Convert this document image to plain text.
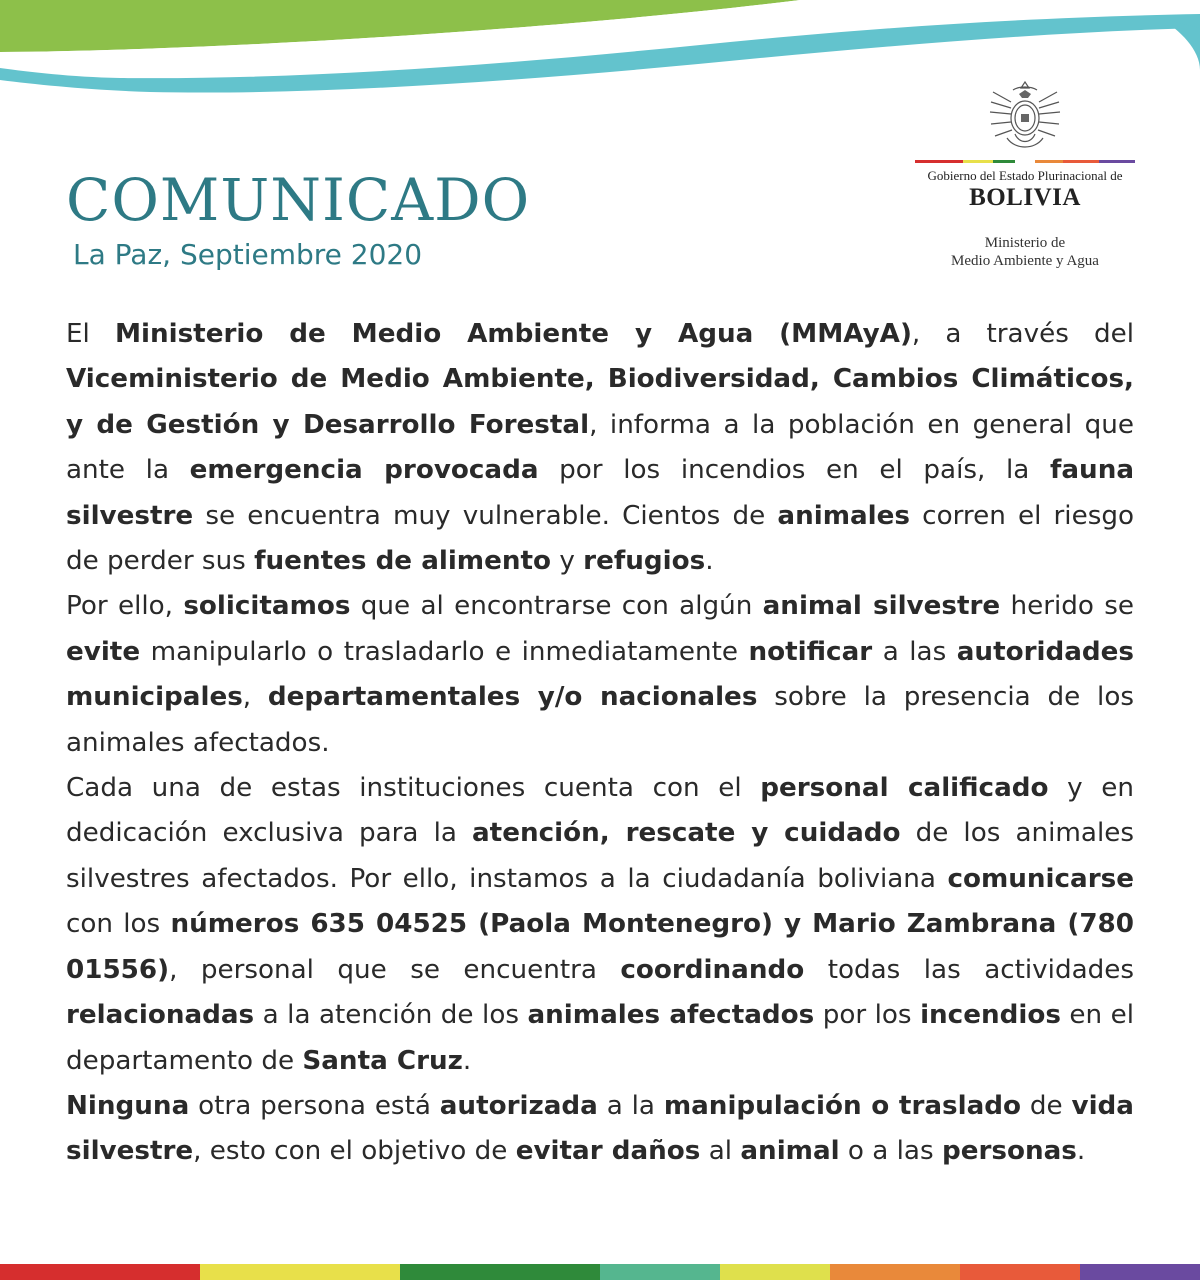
COMUNICADO
La Paz, Septiembre 2020
Gobierno del Estado Plurinacional de
BOLIVIA
Ministerio de
Medio Ambiente y Agua

El Ministerio de Medio Ambiente y Agua (MMAyA), a través del Viceministerio de Medio Ambiente, Biodiversidad, Cambios Climáticos, y de Gestión y Desarrollo Forestal, informa a la población en general que ante la emergencia provocada por los incendios en el país, la fauna silvestre se encuentra muy vulnerable. Cientos de animales corren el riesgo de perder sus fuentes de alimento y refugios.

Por ello, solicitamos que al encontrarse con algún animal silvestre herido se evite manipularlo o trasladarlo e inmediatamente notificar a las autoridades municipales, departamentales y/o nacionales sobre la presencia de los animales afectados.

Cada una de estas instituciones cuenta con el personal calificado y en dedicación exclusiva para la atención, rescate y cuidado de los animales silvestres afectados. Por ello, instamos a la ciudadanía boliviana comunicarse con los números 635 04525 (Paola Montenegro) y Mario Zambrana (780 01556), personal que se encuentra coordinando todas las actividades relacionadas a la atención de los animales afectados por los incendios en el departamento de Santa Cruz.

Ninguna otra persona está autorizada a la manipulación o traslado de vida silvestre, esto con el objetivo de evitar daños al animal o a las personas.
